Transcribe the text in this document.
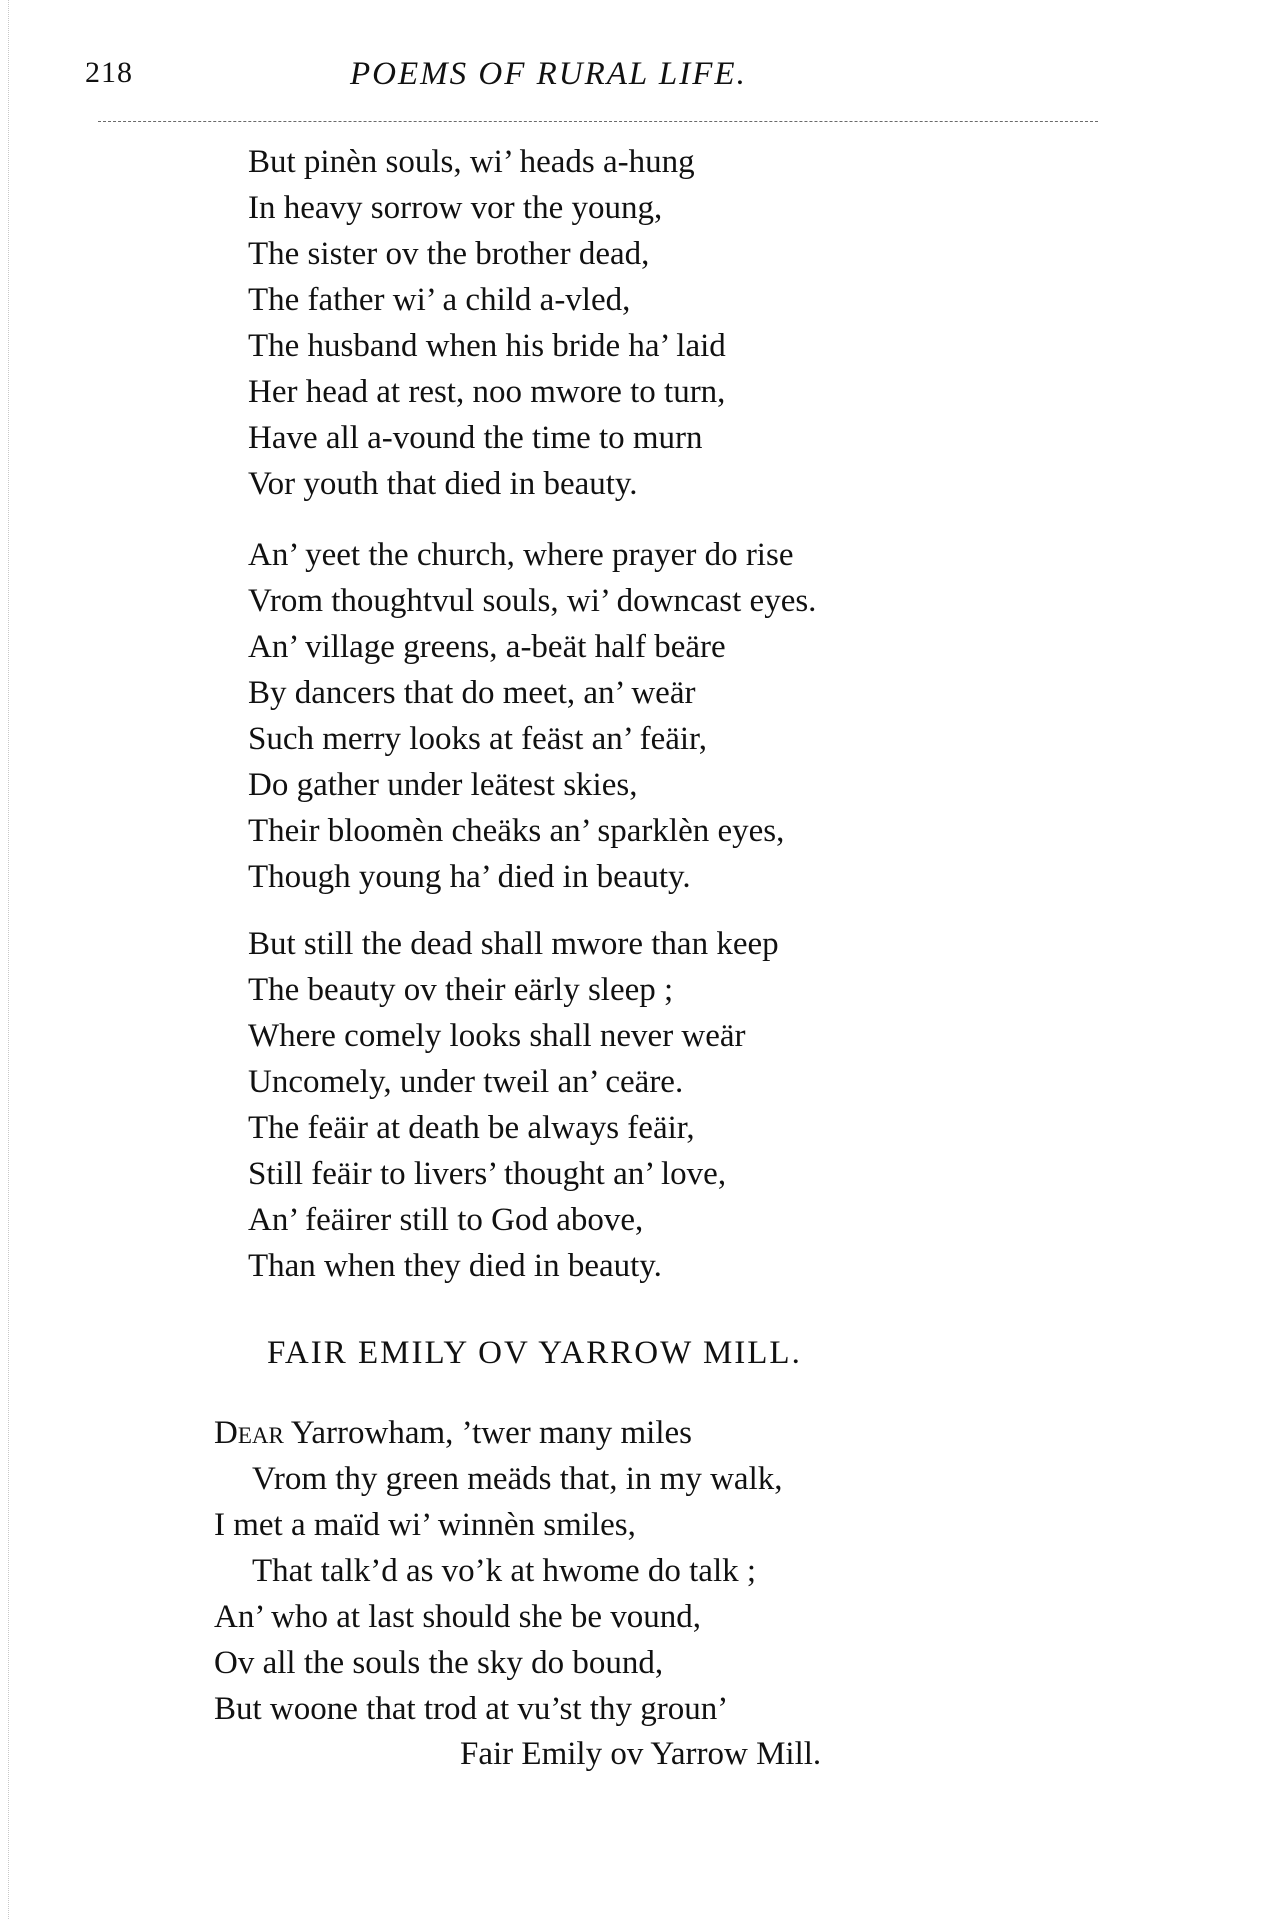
218	POEMS OF RURAL LIFE.
But pinèn souls, wi’ heads a-hung
In heavy sorrow vor the young,
The sister ov the brother dead,
The father wi’ a child a-vled,
The husband when his bride ha’ laid
Her head at rest, noo mwore to turn,
Have all a-vound the time to murn
Vor youth that died in beauty.
An’ yeet the church, where prayer do rise
Vrom thoughtvul souls, wi’ downcast eyes.
An’ village greens, a-beät half beäre
By dancers that do meet, an’ weär
Such merry looks at feäst an’ feäir,
Do gather under leätest skies,
Their bloomèn cheäks an’ sparklèn eyes,
Though young ha’ died in beauty.
But still the dead shall mwore than keep
The beauty ov their eärly sleep ;
Where comely looks shall never weär
Uncomely, under tweil an’ ceäre.
The feäir at death be always feäir,
Still feäir to livers’ thought an’ love,
An’ feäirer still to God above,
Than when they died in beauty.
FAIR EMILY OV YARROW MILL.
Dear Yarrowham, ’twer many miles
Vrom thy green meäds that, in my walk,
I met a maïd wi’ winnèn smiles,
That talk’d as vo’k at hwome do talk ;
An’ who at last should she be vound,
Ov all the souls the sky do bound,
But woone that trod at vu’st thy groun’
Fair Emily ov Yarrow Mill.
